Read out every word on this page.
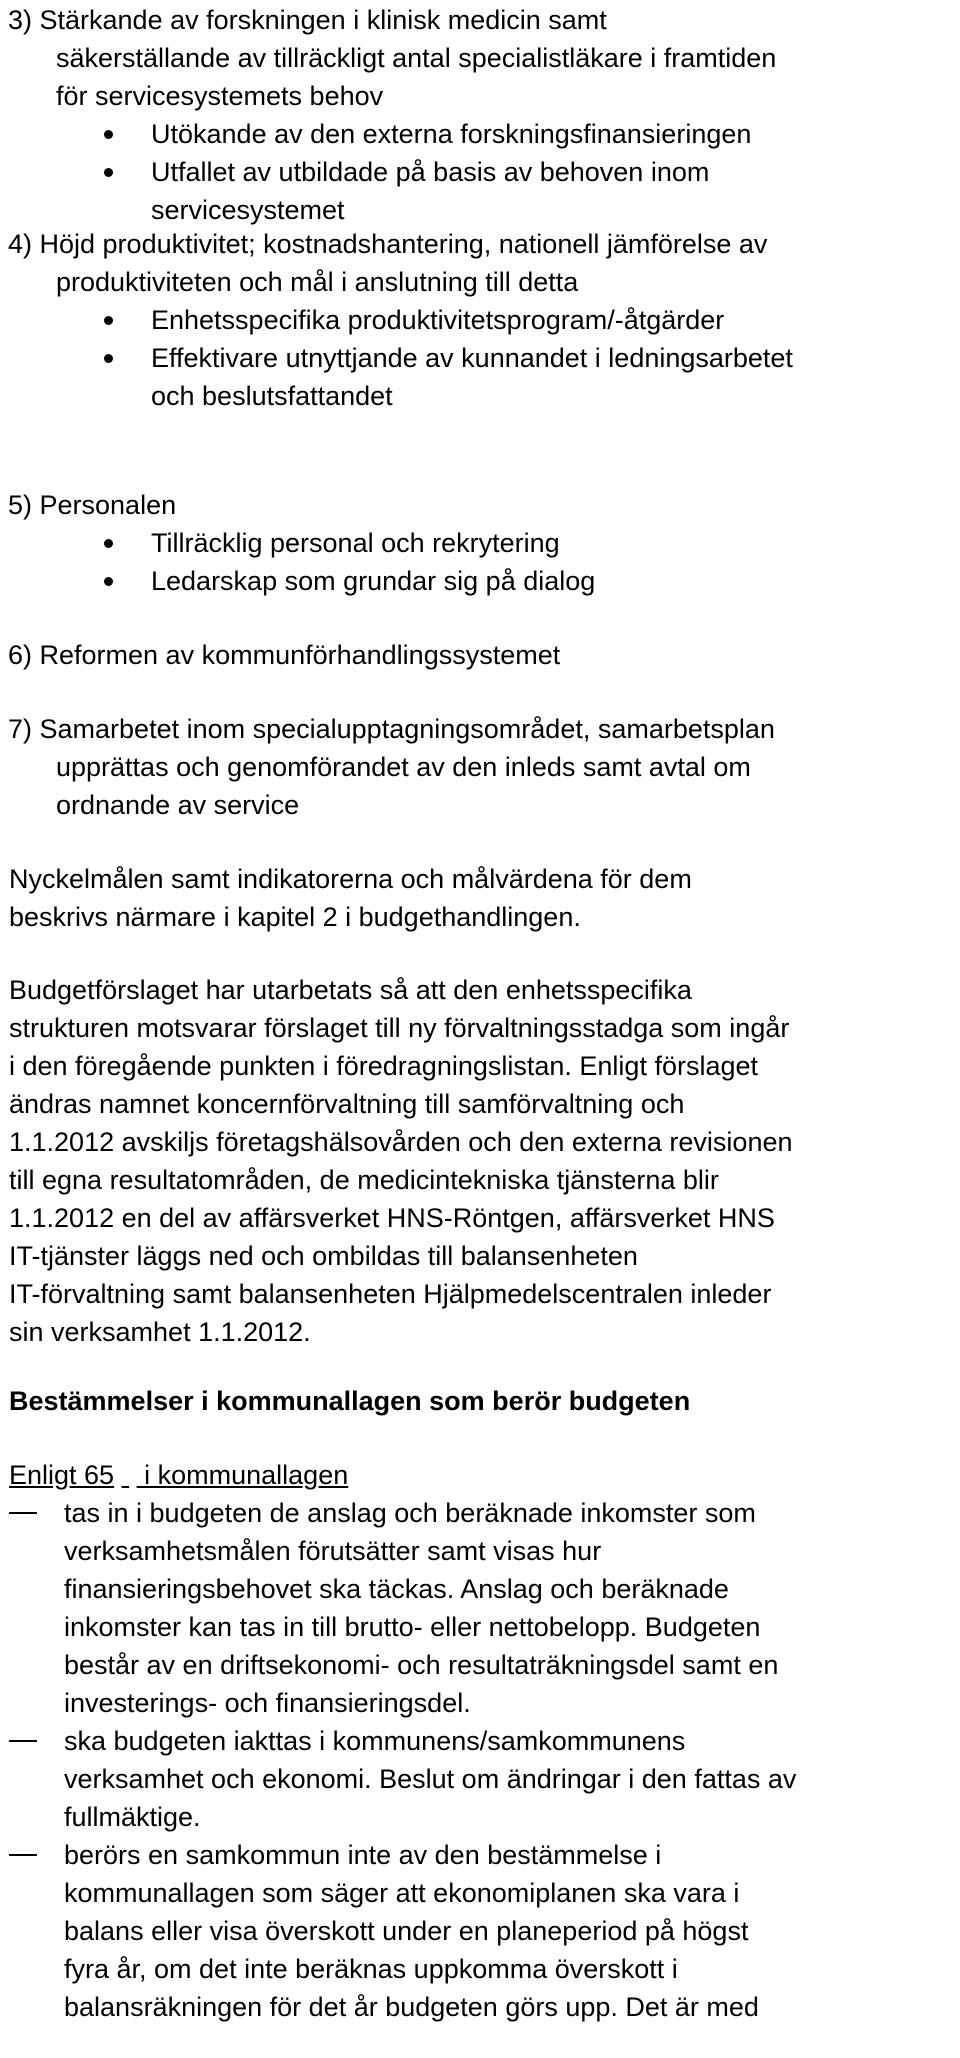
3) Stärkande av forskningen i klinisk medicin samt
säkerställande av tillräckligt antal specialistläkare i framtiden
för servicesystemets behov
Utökande av den externa forskningsfinansieringen
Utfallet av utbildade på basis av behoven inom
servicesystemet
4) Höjd produktivitet; kostnadshantering, nationell jämförelse av
produktiviteten och mål i anslutning till detta
Enhetsspecifika produktivitetsprogram/-åtgärder
Effektivare utnyttjande av kunnandet i ledningsarbetet
och beslutsfattandet
5) Personalen
Tillräcklig personal och rekrytering
Ledarskap som grundar sig på dialog
6) Reformen av kommunförhandlingssystemet
7) Samarbetet inom specialupptagningsområdet, samarbetsplan
upprättas och genomförandet av den inleds samt avtal om
ordnande av service
Nyckelmålen samt indikatorerna och målvärdena för dem
beskrivs närmare i kapitel 2 i budgethandlingen.
Budgetförslaget har utarbetats så att den enhetsspecifika
strukturen motsvarar förslaget till ny förvaltningsstadga som ingår
i den föregående punkten i föredragningslistan. Enligt förslaget
ändras namnet koncernförvaltning till samförvaltning och
1.1.2012 avskiljs företagshälsovården och den externa revisionen
till egna resultatområden, de medicintekniska tjänsterna blir
1.1.2012 en del av affärsverket HNS-Röntgen, affärsverket HNS
IT-tjänster läggs ned och ombildas till balansenheten
IT-förvaltning samt balansenheten Hjälpmedelscentralen inleder
sin verksamhet 1.1.2012.
Bestämmelser i kommunallagen som berör budgeten
Enligt 65    i kommunallagen
tas in i budgeten de anslag och beräknade inkomster som
verksamhetsmålen förutsätter samt visas hur
finansieringsbehovet ska täckas. Anslag och beräknade
inkomster kan tas in till brutto- eller nettobelopp. Budgeten
består av en driftsekonomi- och resultaträkningsdel samt en
investerings- och finansieringsdel.
ska budgeten iakttas i kommunens/samkommunens
verksamhet och ekonomi. Beslut om ändringar i den fattas av
fullmäktige.
berörs en samkommun inte av den bestämmelse i
kommunallagen som säger att ekonomiplanen ska vara i
balans eller visa överskott under en planeperiod på högst
fyra år, om det inte beräknas uppkomma överskott i
balansräkningen för det år budgeten görs upp. Det är med
